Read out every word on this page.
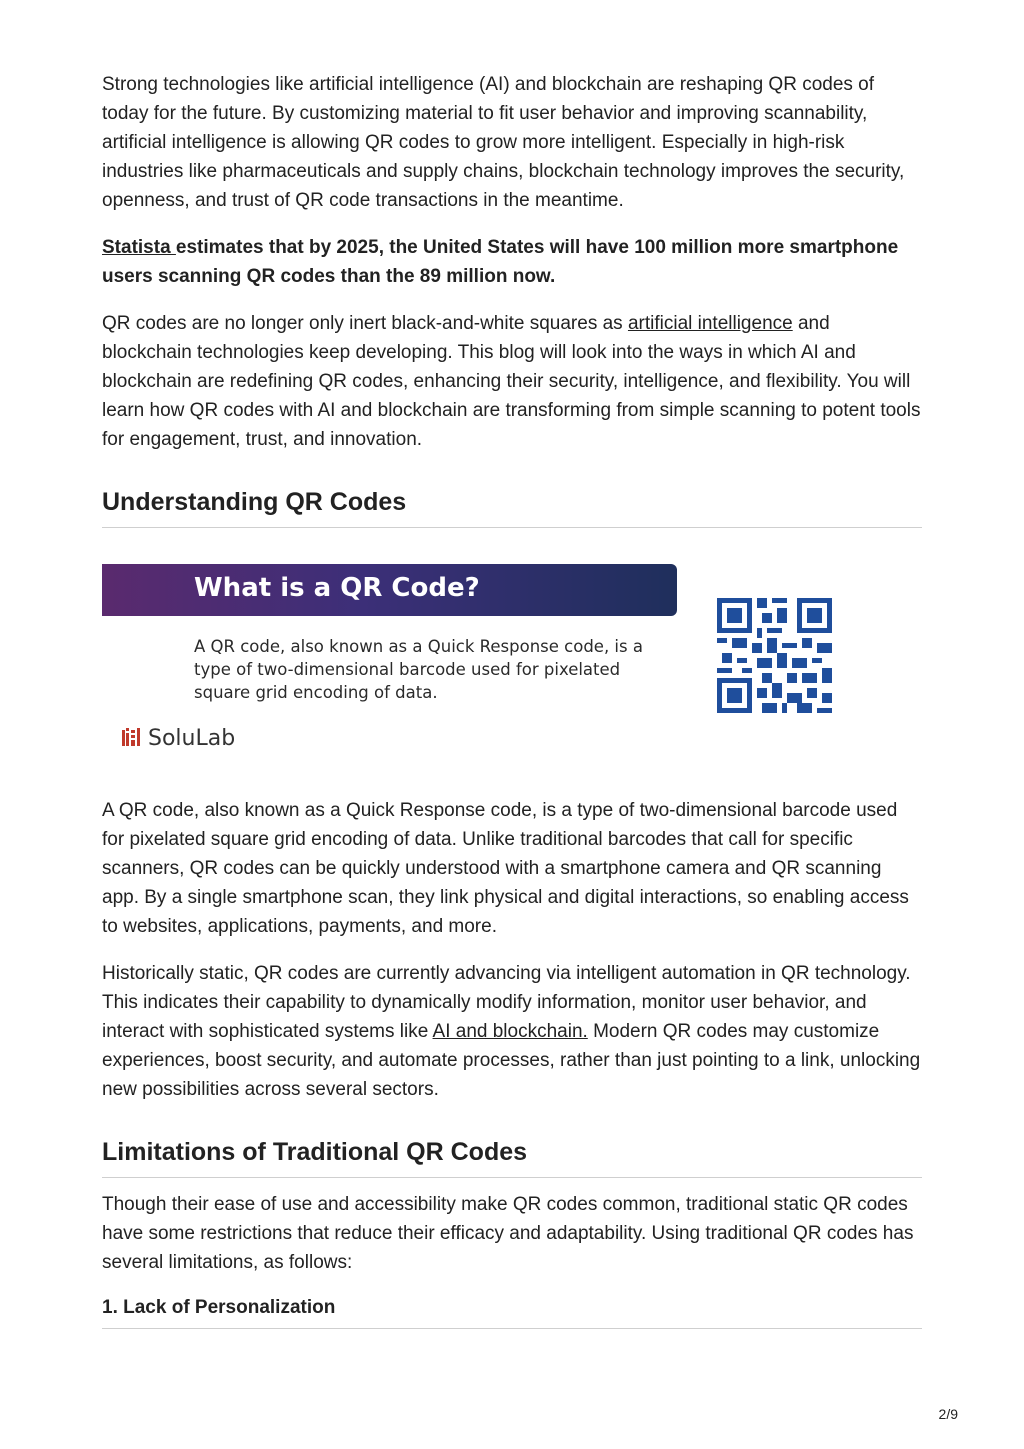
Strong technologies like artificial intelligence (AI) and blockchain are reshaping QR codes of today for the future. By customizing material to fit user behavior and improving scannability, artificial intelligence is allowing QR codes to grow more intelligent. Especially in high-risk industries like pharmaceuticals and supply chains, blockchain technology improves the security, openness, and trust of QR code transactions in the meantime.

Statista estimates that by 2025, the United States will have 100 million more smartphone users scanning QR codes than the 89 million now.

QR codes are no longer only inert black-and-white squares as artificial intelligence and blockchain technologies keep developing. This blog will look into the ways in which AI and blockchain are redefining QR codes, enhancing their security, intelligence, and flexibility. You will learn how QR codes with AI and blockchain are transforming from simple scanning to potent tools for engagement, trust, and innovation.

Understanding QR Codes
What is a QR Code?
A QR code, also known as a Quick Response code, is a type of two-dimensional barcode used for pixelated square grid encoding of data.
SoluLab

A QR code, also known as a Quick Response code, is a type of two-dimensional barcode used for pixelated square grid encoding of data. Unlike traditional barcodes that call for specific scanners, QR codes can be quickly understood with a smartphone camera and QR scanning app. By a single smartphone scan, they link physical and digital interactions, so enabling access to websites, applications, payments, and more.

Historically static, QR codes are currently advancing via intelligent automation in QR technology. This indicates their capability to dynamically modify information, monitor user behavior, and interact with sophisticated systems like AI and blockchain. Modern QR codes may customize experiences, boost security, and automate processes, rather than just pointing to a link, unlocking new possibilities across several sectors.

Limitations of Traditional QR Codes

Though their ease of use and accessibility make QR codes common, traditional static QR codes have some restrictions that reduce their efficacy and adaptability. Using traditional QR codes has several limitations, as follows:

1. Lack of Personalization
2/9
